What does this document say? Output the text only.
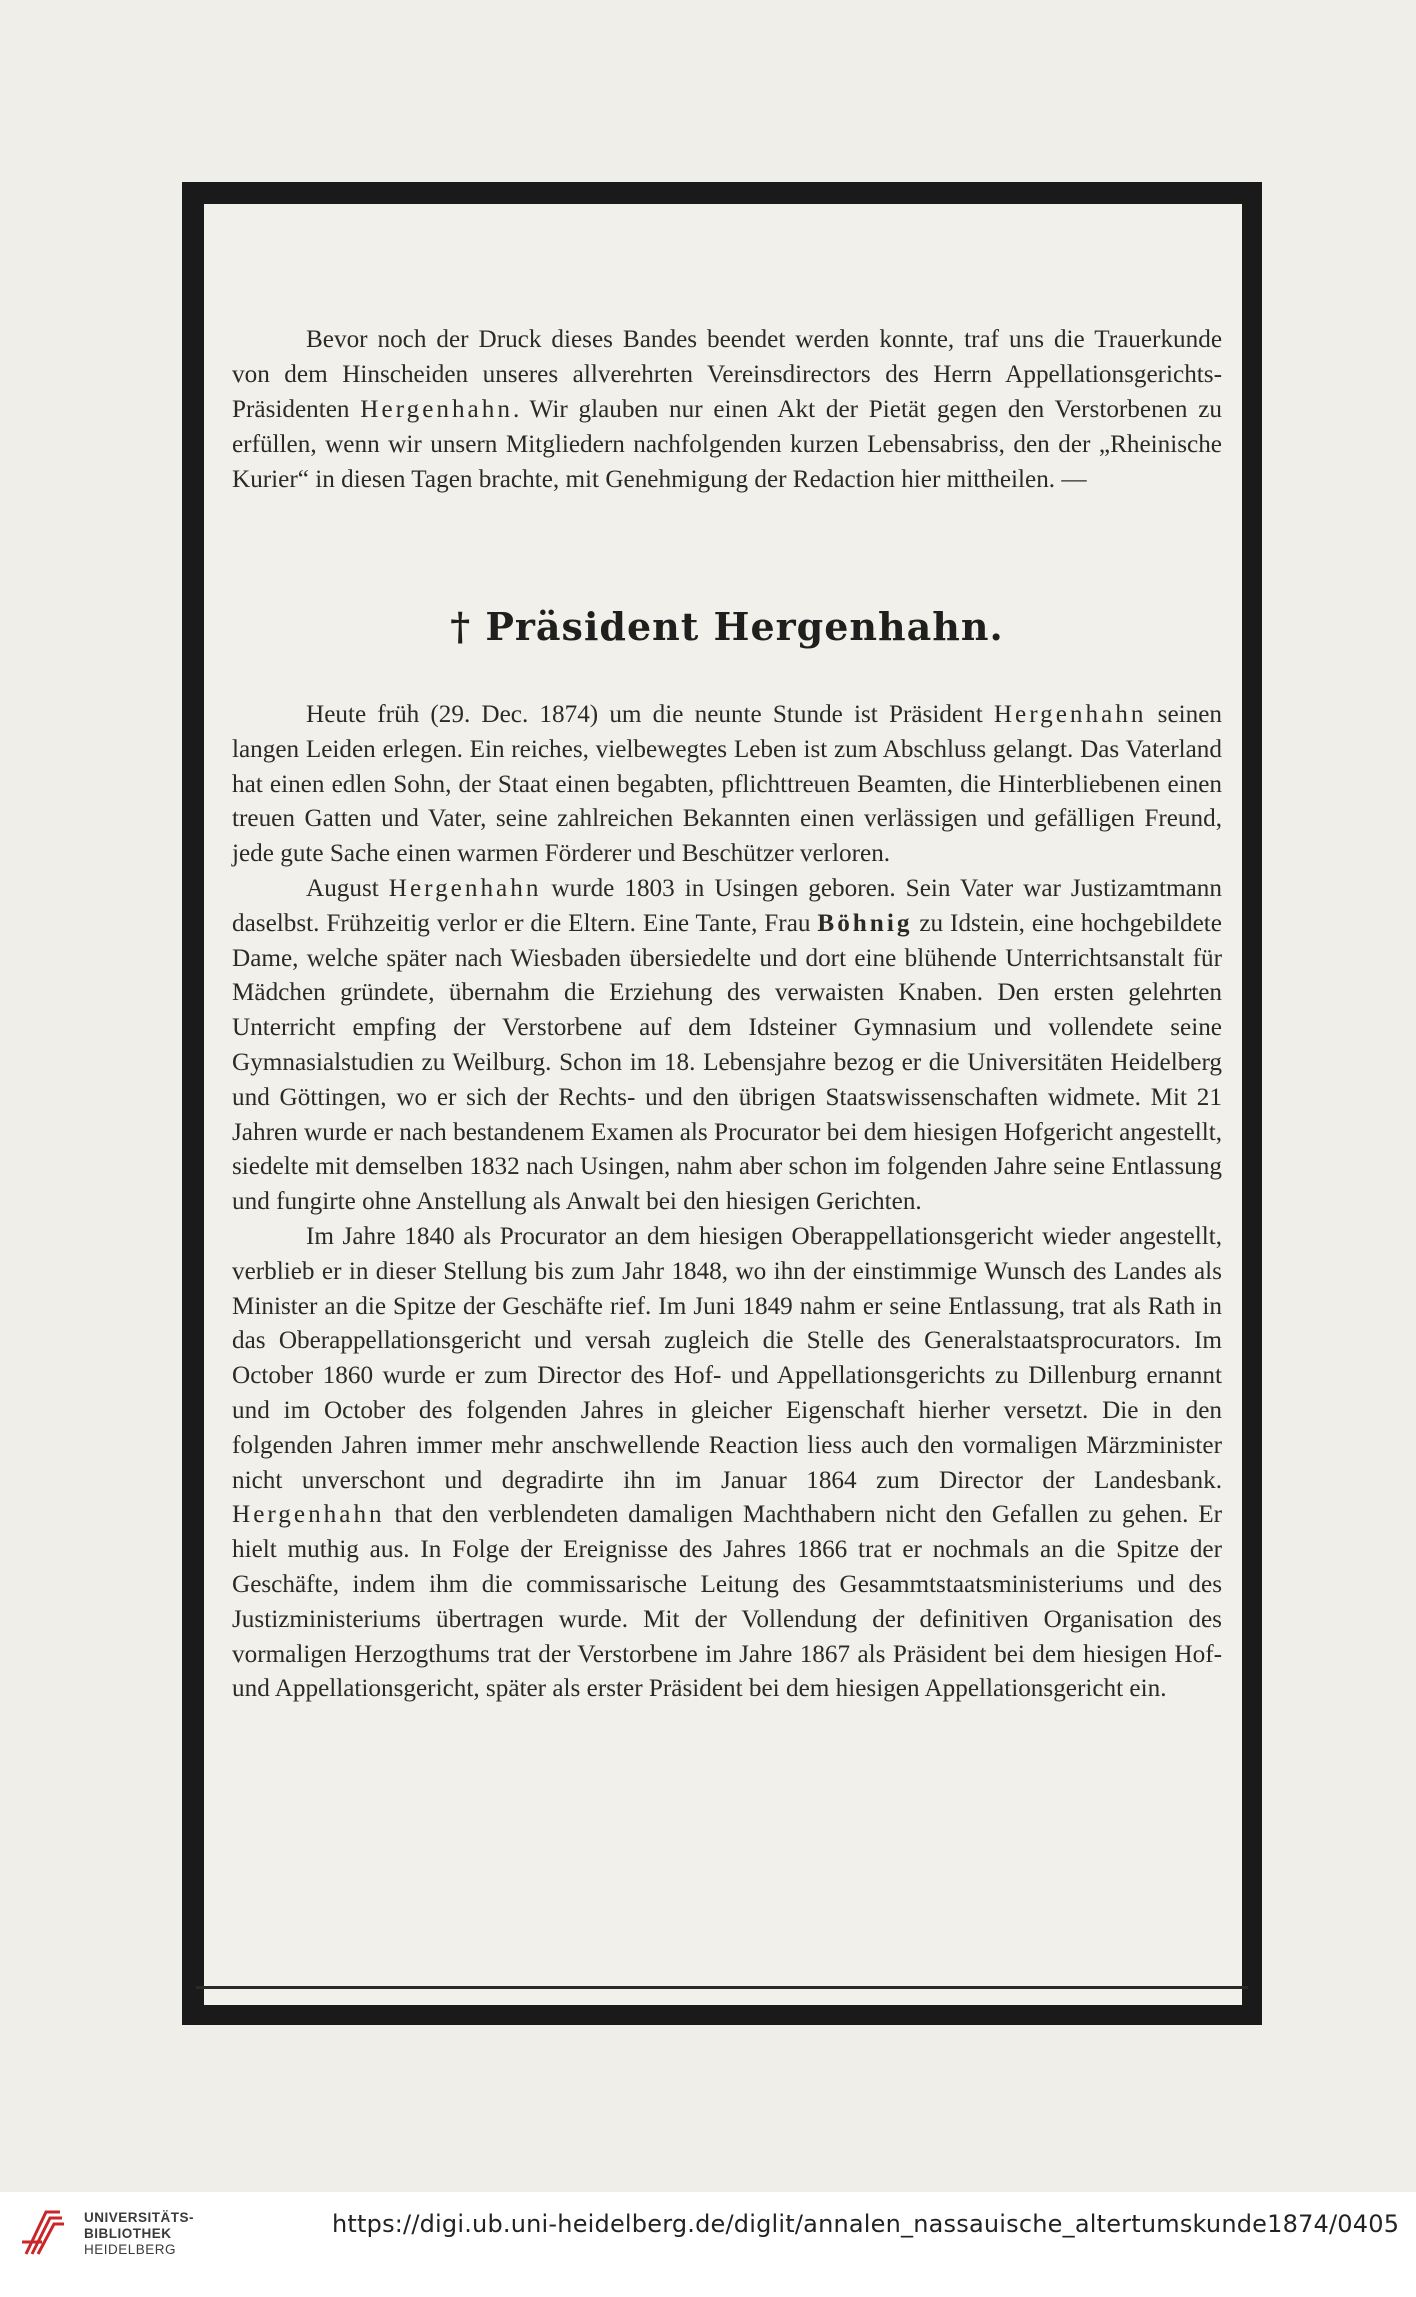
Bevor noch der Druck dieses Bandes beendet werden konnte, traf uns die Trauerkunde von dem Hinscheiden unseres allverehrten Vereinsdirectors des Herrn Appellationsgerichts-Präsidenten Hergenhahn. Wir glauben nur einen Akt der Pietät gegen den Verstorbenen zu erfüllen, wenn wir unsern Mitgliedern nachfolgenden kurzen Lebensabriss, den der „Rheinische Kurier“ in diesen Tagen brachte, mit Genehmigung der Redaction hier mittheilen. —

† Präsident Hergenhahn.

Heute früh (29. Dec. 1874) um die neunte Stunde ist Präsident Hergenhahn seinen langen Leiden erlegen. Ein reiches, vielbewegtes Leben ist zum Abschluss gelangt. Das Vaterland hat einen edlen Sohn, der Staat einen begabten, pflichttreuen Beamten, die Hinterbliebenen einen treuen Gatten und Vater, seine zahlreichen Bekannten einen verlässigen und gefälligen Freund, jede gute Sache einen warmen Förderer und Beschützer verloren.

August Hergenhahn wurde 1803 in Usingen geboren. Sein Vater war Justizamtmann daselbst. Frühzeitig verlor er die Eltern. Eine Tante, Frau Böhnig zu Idstein, eine hochgebildete Dame, welche später nach Wiesbaden übersiedelte und dort eine blühende Unterrichtsanstalt für Mädchen gründete, übernahm die Erziehung des verwaisten Knaben. Den ersten gelehrten Unterricht empfing der Verstorbene auf dem Idsteiner Gymnasium und vollendete seine Gymnasialstudien zu Weilburg. Schon im 18. Lebensjahre bezog er die Universitäten Heidelberg und Göttingen, wo er sich der Rechts- und den übrigen Staatswissenschaften widmete. Mit 21 Jahren wurde er nach bestandenem Examen als Procurator bei dem hiesigen Hofgericht angestellt, siedelte mit demselben 1832 nach Usingen, nahm aber schon im folgenden Jahre seine Entlassung und fungirte ohne Anstellung als Anwalt bei den hiesigen Gerichten.

Im Jahre 1840 als Procurator an dem hiesigen Oberappellationsgericht wieder angestellt, verblieb er in dieser Stellung bis zum Jahr 1848, wo ihn der einstimmige Wunsch des Landes als Minister an die Spitze der Geschäfte rief. Im Juni 1849 nahm er seine Entlassung, trat als Rath in das Oberappellationsgericht und versah zugleich die Stelle des Generalstaatsprocurators. Im October 1860 wurde er zum Director des Hof- und Appellationsgerichts zu Dillenburg ernannt und im October des folgenden Jahres in gleicher Eigenschaft hierher versetzt. Die in den folgenden Jahren immer mehr anschwellende Reaction liess auch den vormaligen Märzminister nicht unverschont und degradirte ihn im Januar 1864 zum Director der Landesbank. Hergenhahn that den verblendeten damaligen Machthabern nicht den Gefallen zu gehen. Er hielt muthig aus. In Folge der Ereignisse des Jahres 1866 trat er nochmals an die Spitze der Geschäfte, indem ihm die commissarische Leitung des Gesammtstaatsministeriums und des Justizministeriums übertragen wurde. Mit der Vollendung der definitiven Organisation des vormaligen Herzogthums trat der Verstorbene im Jahre 1867 als Präsident bei dem hiesigen Hof- und Appellationsgericht, später als erster Präsident bei dem hiesigen Appellationsgericht ein.

UNIVERSITÄTS-
BIBLIOTHEK
HEIDELBERG
https://digi.ub.uni-heidelberg.de/diglit/annalen_nassauische_altertumskunde1874/0405
